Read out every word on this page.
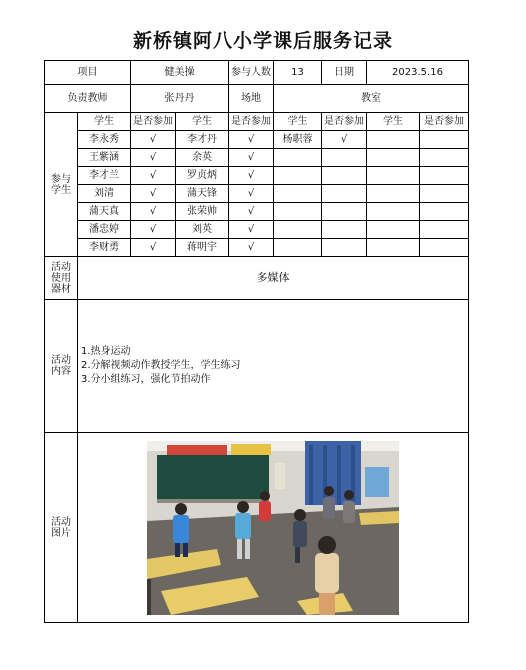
新桥镇阿八小学课后服务记录
项目		健美操		参与人数	13	日期	2023.5.16	
负责教师		张丹丹		场地	教室			
参与学生	学生	是否参加	学生	是否参加	学生	是否参加	学生	是否参加
	李永秀	√	李才丹	√	杨职蓉	√		
	王紫涵	√	余英	√				
	李才兰	√	罗贞炳	√				
	刘清	√	蒲天锋	√				
	蒲天真	√	张荣帅	√				
	潘忠婷	√	刘英	√				
	李财勇	√	蒋明宇	√				
活动使用器材	多媒体							
活动内容	1.热身运动
2.分解视频动作教授学生，学生练习
3.分小组练习，强化节拍动作							

活动图片	
